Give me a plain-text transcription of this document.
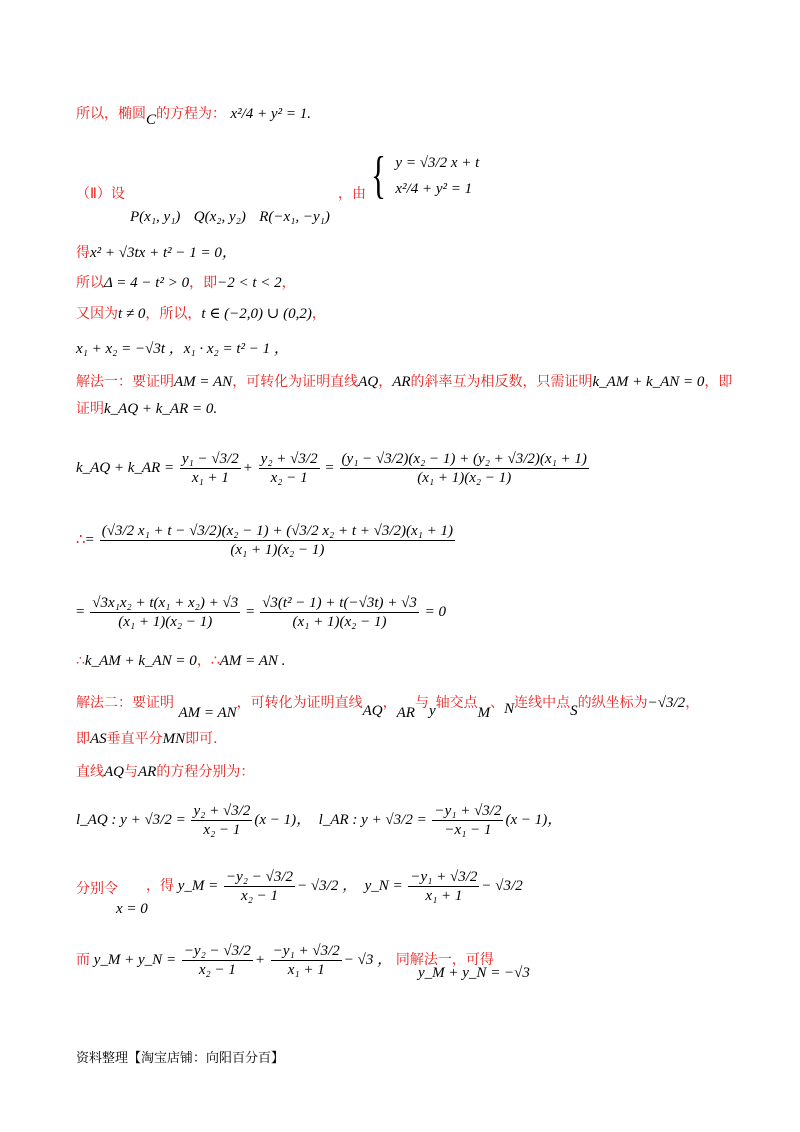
所以，椭圆C的方程为： x²/4 + y² = 1.
（Ⅱ）设
P(x₁, y₁) Q(x₂, y₂) R(−x₁, −y₁)
，由 { y = √3/2 x + t
x²/4 + y² = 1
得x² + √3tx + t² − 1 = 0，
所以Δ = 4 − t² > 0，即−2 < t < 2，
又因为t ≠ 0，所以，t ∈ (−2,0) ∪ (0,2)，
x₁ + x₂ = −√3t ，x₁ · x₂ = t² − 1 ，
解法一：要证明AM = AN，可转化为证明直线AQ，AR的斜率互为相反数，只需证明k_AM + k_AN = 0，即
证明k_AQ + k_AR = 0.
k_AQ + k_AR = $\frac{\text{y₁ − √3/2}}{\text{x₁ + 1}} + \frac{\text{y₂ + √3/2}}{\text{x₂ − 1}} = \frac{\text{(y₁ − √3/2)(x₂ − 1) + (y₂ + √3/2)(x₁ + 1)}}{\text{(x₁ + 1)(x₂ − 1)}}$
∴= $\frac{\text{(√3/2 x₁ + t − √3/2)(x₂ − 1) + (√3/2 x₂ + t + √3/2)(x₁ + 1)}}{\text{(x₁ + 1)(x₂ − 1)}}$
= $\frac{\text{√3x₁x₂ + t(x₁ + x₂) + √3}}{\text{(x₁ + 1)(x₂ − 1)}} = \frac{\text{√3(t² − 1) + t(−√3t) + √3}}{\text{(x₁ + 1)(x₂ − 1)}} = 0$
∴k_AM + k_AN = 0，∴AM = AN .
解法二：要证明 AM = AN，可转化为证明直线AQ，AR与y轴交点M、N连线中点S的纵坐标为−√3/2，
即AS垂直平分MN即可.
直线AQ与AR的方程分别为：
l_AQ : $y + √3/2 = \frac{\text{y₂ + √3/2}}{\text{x₂ − 1}} (x - 1)$， l_AR : $y + √3/2 = \frac{\text{−y₁ + √3/2}}{\text{−x₁ − 1}} (x - 1)$，
分别令
x = 0
，得 y_M = $\frac{\text{−y₂ − √3/2}}{\text{x₂ − 1}} - √3/2$ ， y_N = $\frac{\text{−y₁ + √3/2}}{\text{x₁ + 1}} - √3/2$
而 y_M + y_N = $\frac{\text{−y₂ − √3/2}}{\text{x₂ − 1}} + \frac{\text{−y₁ + √3/2}}{\text{x₁ + 1}} - √3$ ， 同解法一，可得
y_M + y_N = −√3
资料整理【淘宝店铺：向阳百分百】
